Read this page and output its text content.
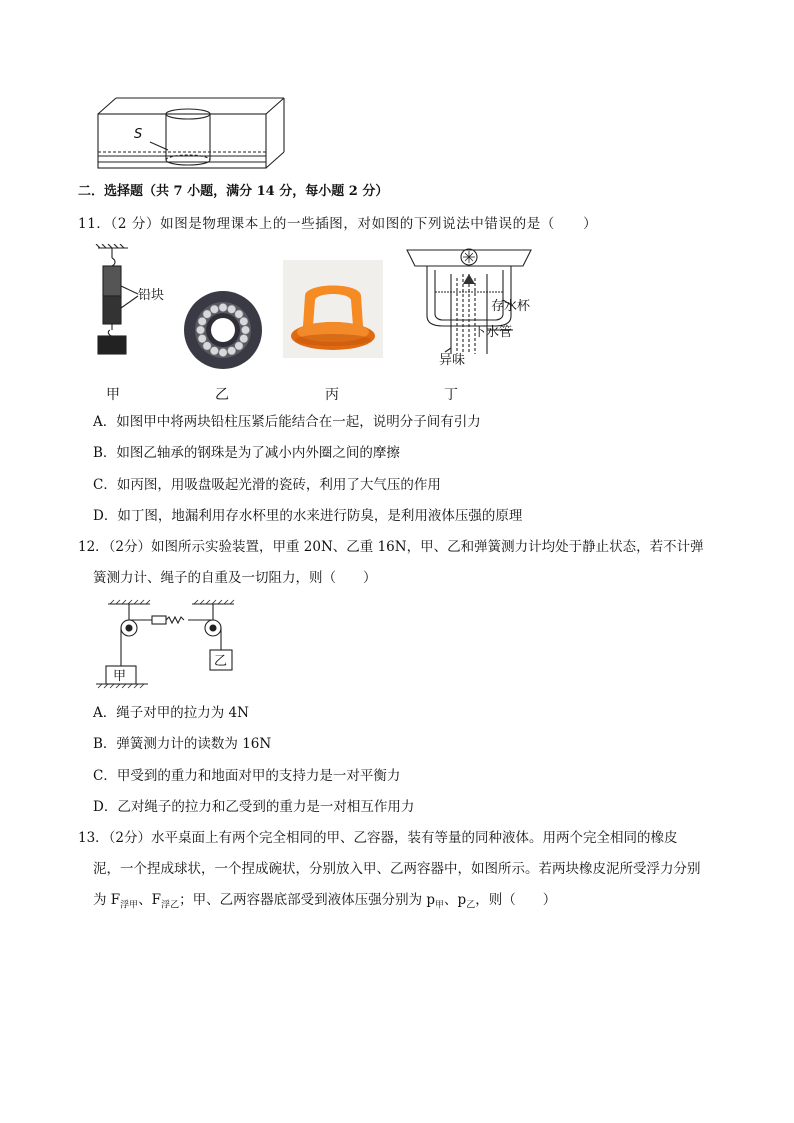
S
二．选择题（共 7 小题，满分 14 分，每小题 2 分）
11．（2 分）如图是物理课本上的一些插图，对如图的下列说法中错误的是（　　）
铅块
存水杯
下水管
异味
甲	乙	丙	丁
A．如图甲中将两块铅柱压紧后能结合在一起，说明分子间有引力
B．如图乙轴承的钢珠是为了减小内外圈之间的摩擦
C．如丙图，用吸盘吸起光滑的瓷砖，利用了大气压的作用
D．如丁图，地漏利用存水杯里的水来进行防臭，是利用液体压强的原理
12．（2分）如图所示实验装置，甲重 20N、乙重 16N，甲、乙和弹簧测力计均处于静止状态，若不计弹
簧测力计、绳子的自重及一切阻力，则（　　）
甲
乙
A．绳子对甲的拉力为 4N
B．弹簧测力计的读数为 16N
C．甲受到的重力和地面对甲的支持力是一对平衡力
D．乙对绳子的拉力和乙受到的重力是一对相互作用力
13．（2分）水平桌面上有两个完全相同的甲、乙容器，装有等量的同种液体。用两个完全相同的橡皮
泥，一个捏成球状，一个捏成碗状，分别放入甲、乙两容器中，如图所示。若两块橡皮泥所受浮力分别
为 $F_{浮甲}$、$F_{浮乙}$；甲、乙两容器底部受到液体压强分别为 $p_甲$、$p_乙$，则（　　）
